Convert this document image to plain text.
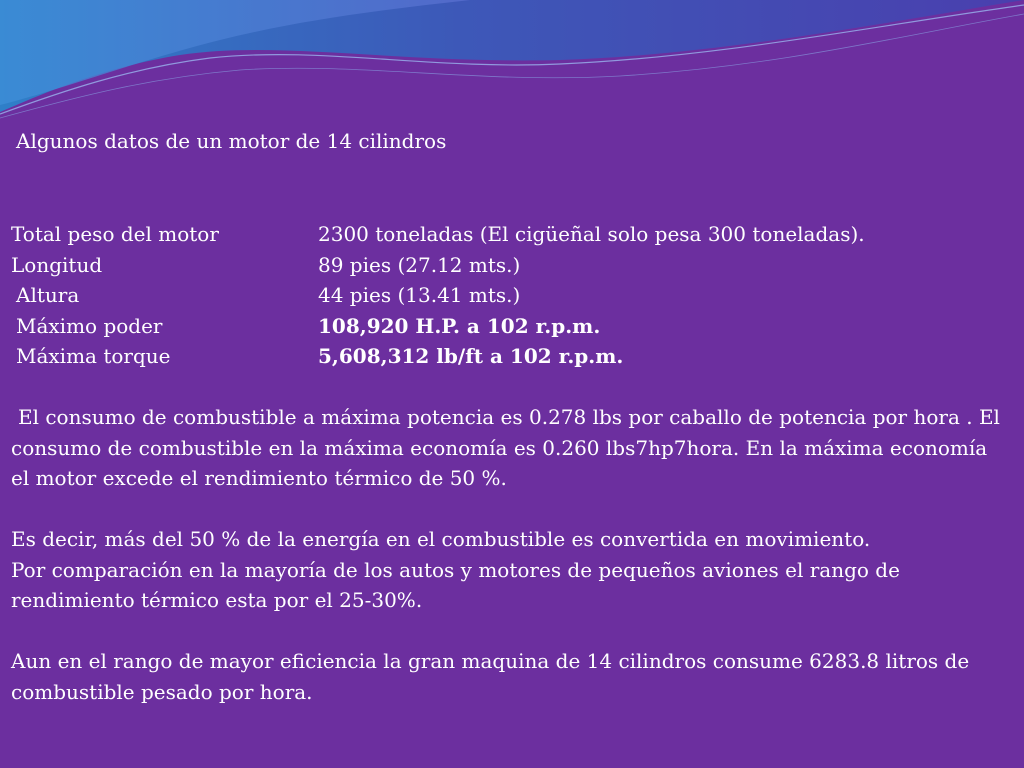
Algunos datos de un motor de 14 cilindros
Total peso del motor	2300 toneladas (El cigüeñal solo pesa 300 toneladas).
Longitud	89 pies (27.12 mts.)
Altura	44 pies (13.41 mts.)
Máximo poder	108,920 H.P. a 102 r.p.m.
Máxima torque	5,608,312 lb/ft a 102 r.p.m.

El consumo de combustible a máxima potencia es 0.278 lbs por caballo de potencia por hora . El consumo de combustible en la máxima economía es 0.260 lbs7hp7hora. En la máxima economía el motor excede el rendimiento térmico de 50 %.

Es decir, más del 50 % de la energía en el combustible es convertida en movimiento.

Por comparación en la mayoría de los autos y motores de pequeños aviones el rango de rendimiento térmico esta por el 25-30%.

Aun en el rango de mayor eficiencia la gran maquina de 14 cilindros consume 6283.8 litros de combustible pesado por hora.
